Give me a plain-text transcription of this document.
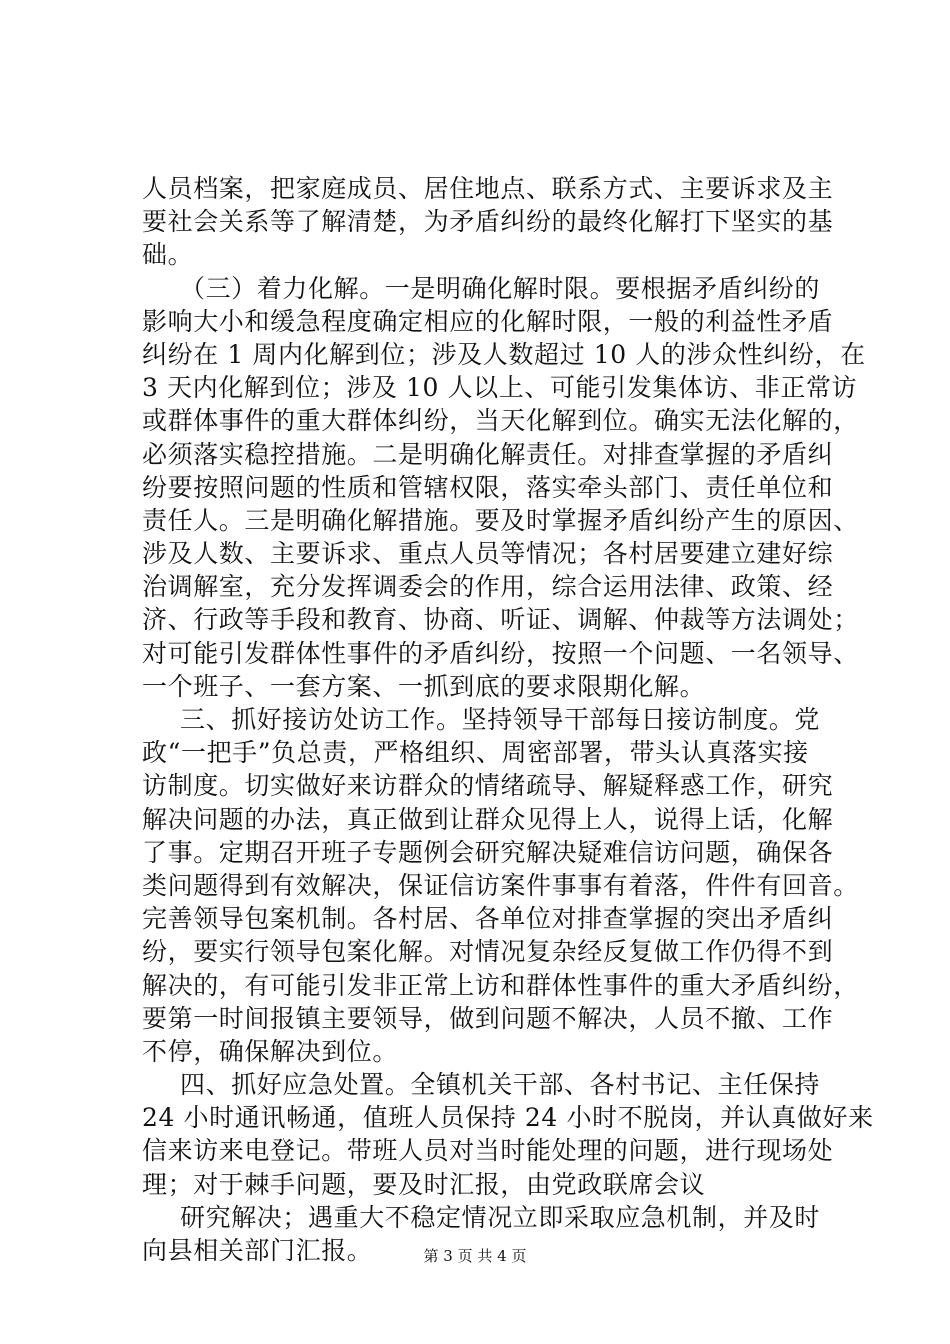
人员档案，把家庭成员、居住地点、联系方式、主要诉求及主
要社会关系等了解清楚，为矛盾纠纷的最终化解打下坚实的基
础。
（三）着力化解。一是明确化解时限。要根据矛盾纠纷的
影响大小和缓急程度确定相应的化解时限，一般的利益性矛盾
纠纷在 1 周内化解到位；涉及人数超过 10 人的涉众性纠纷，在
3 天内化解到位；涉及 10 人以上、可能引发集体访、非正常访
或群体事件的重大群体纠纷，当天化解到位。确实无法化解的，
必须落实稳控措施。二是明确化解责任。对排查掌握的矛盾纠
纷要按照问题的性质和管辖权限，落实牵头部门、责任单位和
责任人。三是明确化解措施。要及时掌握矛盾纠纷产生的原因、
涉及人数、主要诉求、重点人员等情况；各村居要建立建好综
治调解室，充分发挥调委会的作用，综合运用法律、政策、经
济、行政等手段和教育、协商、听证、调解、仲裁等方法调处；
对可能引发群体性事件的矛盾纠纷，按照一个问题、一名领导、
一个班子、一套方案、一抓到底的要求限期化解。
三、抓好接访处访工作。坚持领导干部每日接访制度。党
政“一把手”负总责，严格组织、周密部署，带头认真落实接
访制度。切实做好来访群众的情绪疏导、解疑释惑工作，研究
解决问题的办法，真正做到让群众见得上人，说得上话，化解
了事。定期召开班子专题例会研究解决疑难信访问题，确保各
类问题得到有效解决，保证信访案件事事有着落，件件有回音。
完善领导包案机制。各村居、各单位对排查掌握的突出矛盾纠
纷，要实行领导包案化解。对情况复杂经反复做工作仍得不到
解决的，有可能引发非正常上访和群体性事件的重大矛盾纠纷，
要第一时间报镇主要领导，做到问题不解决，人员不撤、工作
不停，确保解决到位。
四、抓好应急处置。全镇机关干部、各村书记、主任保持
24 小时通讯畅通，值班人员保持 24 小时不脱岗，并认真做好来
信来访来电登记。带班人员对当时能处理的问题，进行现场处
理；对于棘手问题，要及时汇报，由党政联席会议
研究解决；遇重大不稳定情况立即采取应急机制，并及时
向县相关部门汇报。	第 3 页 共 4 页
